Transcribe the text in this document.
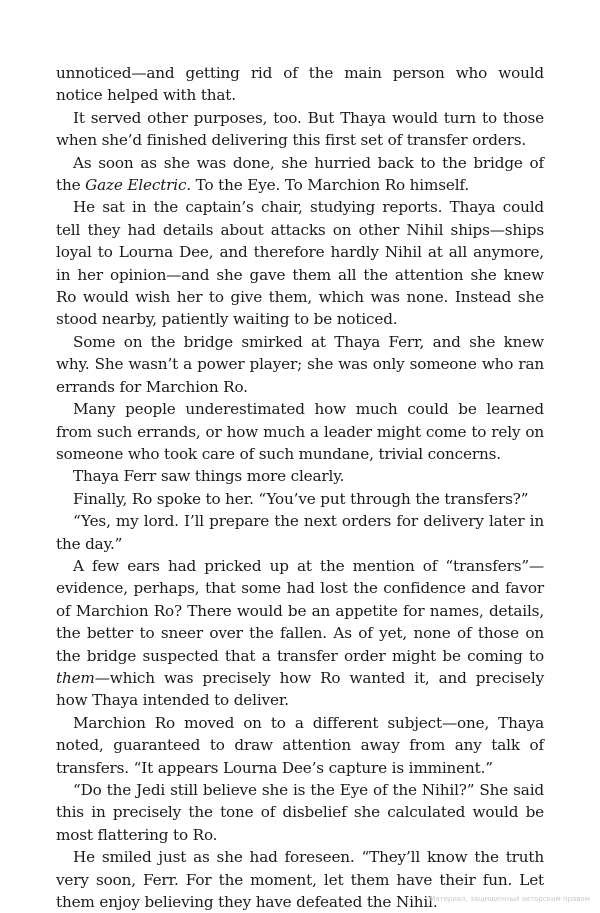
unnoticed—and getting rid of the main person who would notice helped with that.

It served other purposes, too. But Thaya would turn to those when she’d finished delivering this first set of transfer orders.

As soon as she was done, she hurried back to the bridge of the Gaze Electric. To the Eye. To Marchion Ro himself.

He sat in the captain’s chair, studying reports. Thaya could tell they had details about attacks on other Nihil ships—ships loyal to Lourna Dee, and therefore hardly Nihil at all anymore, in her opinion—and she gave them all the attention she knew Ro would wish her to give them, which was none. Instead she stood nearby, patiently waiting to be noticed.

Some on the bridge smirked at Thaya Ferr, and she knew why. She wasn’t a power player; she was only someone who ran errands for Marchion Ro.

Many people underestimated how much could be learned from such errands, or how much a leader might come to rely on someone who took care of such mundane, trivial concerns.

Thaya Ferr saw things more clearly.

Finally, Ro spoke to her. “You’ve put through the transfers?”

“Yes, my lord. I’ll prepare the next orders for delivery later in the day.”

A few ears had pricked up at the mention of “transfers”—evidence, perhaps, that some had lost the confidence and favor of Marchion Ro? There would be an appetite for names, details, the better to sneer over the fallen. As of yet, none of those on the bridge suspected that a transfer order might be coming to them—which was precisely how Ro wanted it, and precisely how Thaya intended to deliver.

Marchion Ro moved on to a different subject—one, Thaya noted, guaranteed to draw attention away from any talk of transfers. “It appears Lourna Dee’s capture is imminent.”

“Do the Jedi still believe she is the Eye of the Nihil?” She said this in precisely the tone of disbelief she calculated would be most flattering to Ro.

He smiled just as she had foreseen. “They’ll know the truth very soon, Ferr. For the moment, let them have their fun. Let them enjoy believing they have defeated the Nihil.

Материал, защищенный авторским правом
